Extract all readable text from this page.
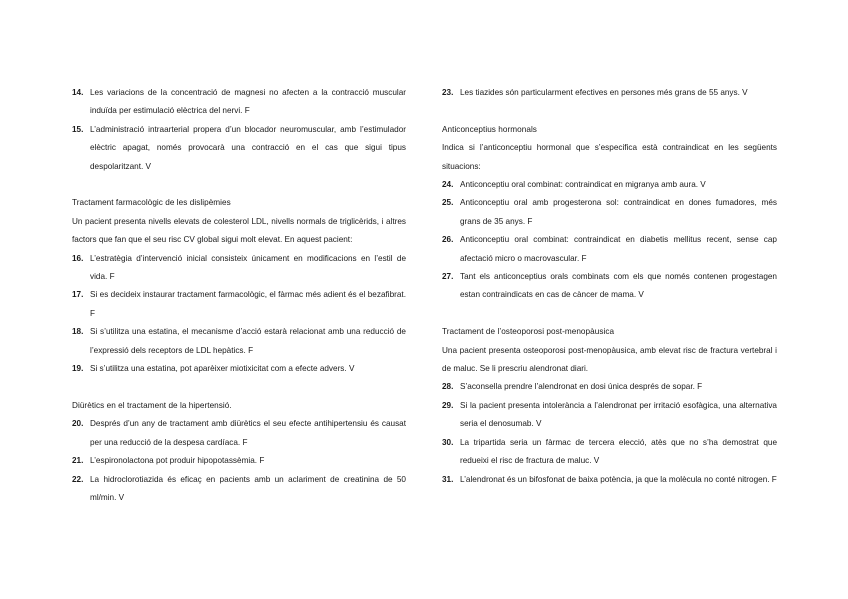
14. Les variacions de la concentració de magnesi no afecten a la contracció muscular induïda per estimulació elèctrica del nervi. F
15. L’administració intraarterial propera d’un blocador neuromuscular, amb l’estimulador elèctric apagat, només provocarà una contracció en el cas que sigui tipus despolaritzant. V

Tractament farmacològic de les dislipèmies

Un pacient presenta nivells elevats de colesterol LDL, nivells normals de triglicèrids, i altres factors que fan que el seu risc CV global sigui molt elevat. En aquest pacient:

16. L’estratègia d’intervenció inicial consisteix únicament en modificacions en l’estil de vida. F
17. Si es decideix instaurar tractament farmacològic, el fàrmac més adient és el bezafibrat. F
18. Si s’utilitza una estatina, el mecanisme d’acció estarà relacionat amb una reducció de l’expressió dels receptors de LDL hepàtics. F
19. Si s’utilitza una estatina, pot aparèixer miotixicitat com a efecte advers. V

Diürètics en el tractament de la hipertensió.

20. Després d’un any de tractament amb diürètics el seu efecte antihipertensiu és causat per una reducció de la despesa cardíaca. F
21. L’espironolactona pot produir hipopotassèmia. F
22. La hidroclorotiazida és eficaç en pacients amb un aclariment de creatinina de 50 ml/min. V
23. Les tiazides són particularment efectives en persones més grans de 55 anys. V

Anticonceptius hormonals

Indica si l’anticonceptiu hormonal que s’especifica està contraindicat en les següents situacions:

24. Anticonceptiu oral combinat: contraindicat en migranya amb aura. V
25. Anticonceptiu oral amb progesterona sol: contraindicat en dones fumadores, més grans de 35 anys. F
26. Anticonceptiu oral combinat: contraindicat en diabetis mellitus recent, sense cap afectació micro o macrovascular. F
27. Tant els anticonceptius orals combinats com els que només contenen progestagen estan contraindicats en cas de càncer de mama. V

Tractament de l’osteoporosi post-menopàusica

Una pacient presenta osteoporosi post-menopàusica, amb elevat risc de fractura vertebral i de maluc. Se li prescriu alendronat diari.

28. S’aconsella prendre l’alendronat en dosi única després de sopar. F
29. Si la pacient presenta intolerància a l’alendronat per irritació esofàgica, una alternativa seria el denosumab. V
30. La tripartida seria un fàrmac de tercera elecció, atès que no s’ha demostrat que redueixi el risc de fractura de maluc. V
31. L’alendronat és un bifosfonat de baixa potència, ja que la molècula no conté nitrogen. F
